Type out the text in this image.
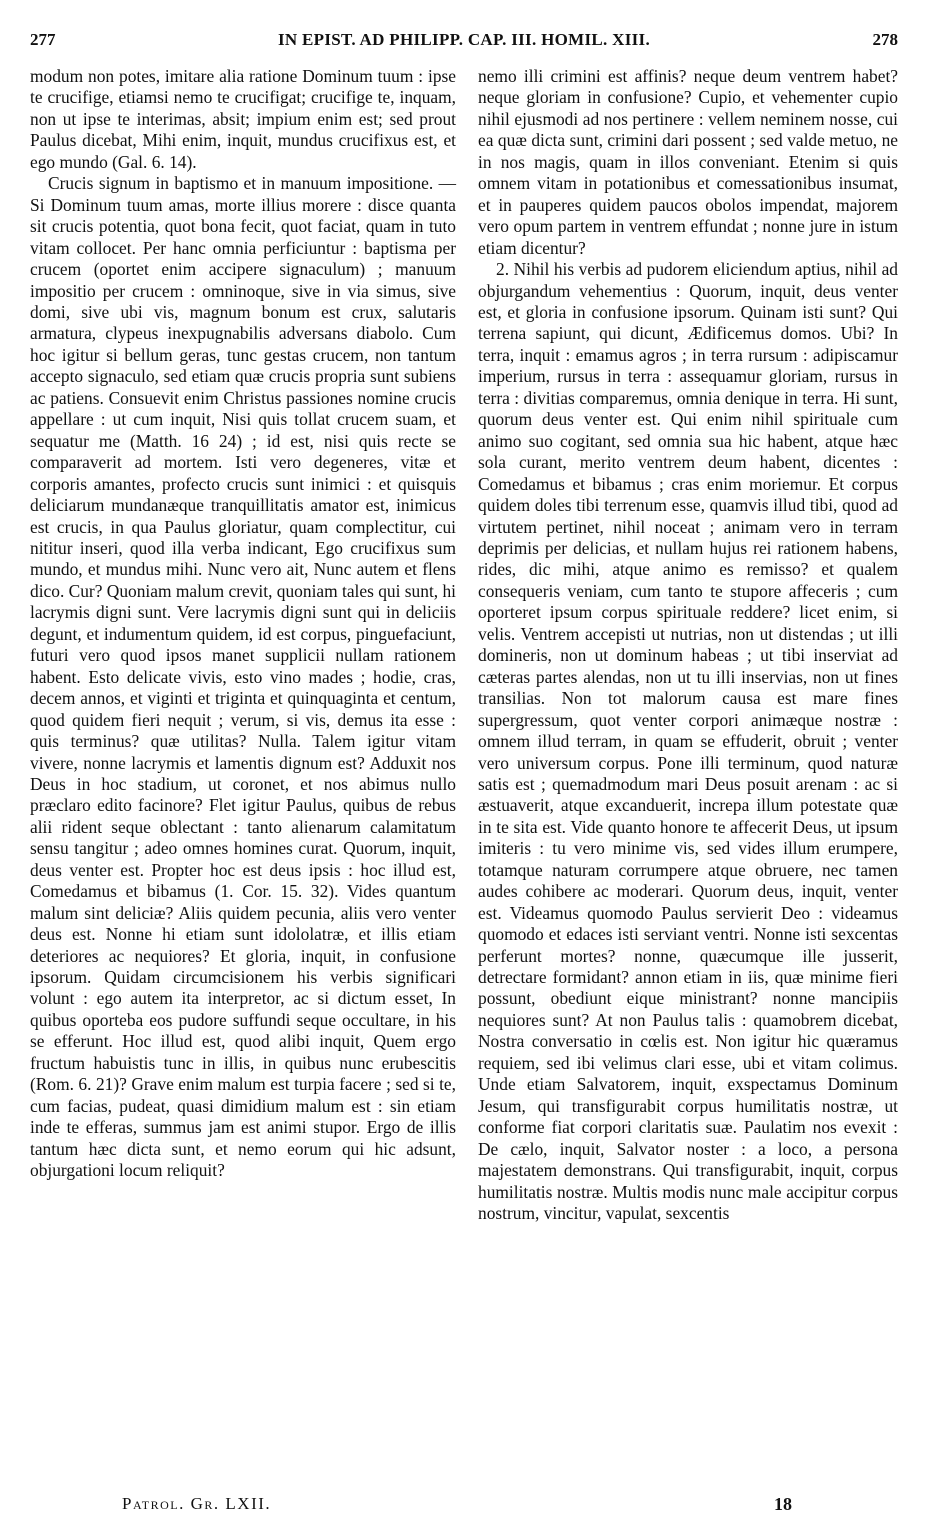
277	IN EPIST. AD PHILIPP. CAP. III. HOMIL. XIII.	278

modum non potes, imitare alia ratione Dominum tuum : ipse te crucifige, etiamsi nemo te crucifigat; crucifige te, inquam, non ut ipse te interimas, absit; impium enim est; sed prout Paulus dicebat, Mihi enim, inquit, mundus crucifixus est, et ego mundo (Gal. 6. 14).

Crucis signum in baptismo et in manuum impositione. — Si Dominum tuum amas, morte illius morere : disce quanta sit crucis potentia, quot bona fecit, quot faciat, quam in tuto vitam collocet. Per hanc omnia perficiuntur : baptisma per crucem (oportet enim accipere signaculum) ; manuum impositio per crucem : omninoque, sive in via simus, sive domi, sive ubi vis, magnum bonum est crux, salutaris armatura, clypeus inexpugnabilis adversans diabolo. Cum hoc igitur si bellum geras, tunc gestas crucem, non tantum accepto signaculo, sed etiam quæ crucis propria sunt subiens ac patiens. Consuevit enim Christus passiones nomine crucis appellare : ut cum inquit, Nisi quis tollat crucem suam, et sequatur me (Matth. 16 24) ; id est, nisi quis recte se comparaverit ad mortem. Isti vero degeneres, vitæ et corporis amantes, profecto crucis sunt inimici : et quisquis deliciarum mundanæque tranquillitatis amator est, inimicus est crucis, in qua Paulus gloriatur, quam complectitur, cui nititur inseri, quod illa verba indicant, Ego crucifixus sum mundo, et mundus mihi. Nunc vero ait, Nunc autem et flens dico. Cur? Quoniam malum crevit, quoniam tales qui sunt, hi lacrymis digni sunt. Vere lacrymis digni sunt qui in deliciis degunt, et indumentum quidem, id est corpus, pinguefaciunt, futuri vero quod ipsos manet supplicii nullam rationem habent. Esto delicate vivis, esto vino mades ; hodie, cras, decem annos, et viginti et triginta et quinquaginta et centum, quod quidem fieri nequit ; verum, si vis, demus ita esse : quis terminus? quæ utilitas? Nulla. Talem igitur vitam vivere, nonne lacrymis et lamentis dignum est? Adduxit nos Deus in hoc stadium, ut coronet, et nos abimus nullo præclaro edito facinore? Flet igitur Paulus, quibus de rebus alii rident seque oblectant : tanto alienarum calamitatum sensu tangitur ; adeo omnes homines curat. Quorum, inquit, deus venter est. Propter hoc est deus ipsis : hoc illud est, Comedamus et bibamus (1. Cor. 15. 32). Vides quantum malum sint deliciæ? Aliis quidem pecunia, aliis vero venter deus est. Nonne hi etiam sunt idololatræ, et illis etiam deteriores ac nequiores? Et gloria, inquit, in confusione ipsorum. Quidam circumcisionem his verbis significari volunt : ego autem ita interpretor, ac si dictum esset, In quibus oporteba eos pudore suffundi seque occultare, in his se efferunt. Hoc illud est, quod alibi inquit, Quem ergo fructum habuistis tunc in illis, in quibus nunc erubescitis (Rom. 6. 21)? Grave enim malum est turpia facere ; sed si te, cum facias, pudeat, quasi dimidium malum est : sin etiam inde te efferas, summus jam est animi stupor. Ergo de illis tantum hæc dicta sunt, et nemo eorum qui hic adsunt, objurgationi locum reliquit?

nemo illi crimini est affinis? neque deum ventrem habet? neque gloriam in confusione? Cupio, et vehementer cupio nihil ejusmodi ad nos pertinere : vellem neminem nosse, cui ea quæ dicta sunt, crimini dari possent ; sed valde metuo, ne in nos magis, quam in illos conveniant. Etenim si quis omnem vitam in potationibus et comessationibus insumat, et in pauperes quidem paucos obolos impendat, majorem vero opum partem in ventrem effundat ; nonne jure in istum etiam dicentur?

2. Nihil his verbis ad pudorem eliciendum aptius, nihil ad objurgandum vehementius : Quorum, inquit, deus venter est, et gloria in confusione ipsorum. Quinam isti sunt? Qui terrena sapiunt, qui dicunt, Ædificemus domos. Ubi? In terra, inquit : emamus agros ; in terra rursum : adipiscamur imperium, rursus in terra : assequamur gloriam, rursus in terra : divitias comparemus, omnia denique in terra. Hi sunt, quorum deus venter est. Qui enim nihil spirituale cum animo suo cogitant, sed omnia sua hic habent, atque hæc sola curant, merito ventrem deum habent, dicentes : Comedamus et bibamus ; cras enim moriemur. Et corpus quidem doles tibi terrenum esse, quamvis illud tibi, quod ad virtutem pertinet, nihil noceat ; animam vero in terram deprimis per delicias, et nullam hujus rei rationem habens, rides, dic mihi, atque animo es remisso? et qualem consequeris veniam, cum tanto te stupore affeceris ; cum oporteret ipsum corpus spirituale reddere? licet enim, si velis. Ventrem accepisti ut nutrias, non ut distendas ; ut illi domineris, non ut dominum habeas ; ut tibi inserviat ad cæteras partes alendas, non ut tu illi inservias, non ut fines transilias. Non tot malorum causa est mare fines supergressum, quot venter corpori animæque nostræ : omnem illud terram, in quam se effuderit, obruit ; venter vero universum corpus. Pone illi terminum, quod naturæ satis est ; quemadmodum mari Deus posuit arenam : ac si æstuaverit, atque excanduerit, increpa illum potestate quæ in te sita est. Vide quanto honore te affecerit Deus, ut ipsum imiteris : tu vero minime vis, sed vides illum erumpere, totamque naturam corrumpere atque obruere, nec tamen audes cohibere ac moderari. Quorum deus, inquit, venter est. Videamus quomodo Paulus servierit Deo : videamus quomodo et edaces isti serviant ventri. Nonne isti sexcentas perferunt mortes? nonne, quæcumque ille jusserit, detrectare formidant? annon etiam in iis, quæ minime fieri possunt, obediunt eique ministrant? nonne mancipiis nequiores sunt? At non Paulus talis : quamobrem dicebat, Nostra conversatio in cœlis est. Non igitur hic quæramus requiem, sed ibi velimus clari esse, ubi et vitam colimus. Unde etiam Salvatorem, inquit, exspectamus Dominum Jesum, qui transfigurabit corpus humilitatis nostræ, ut conforme fiat corpori claritatis suæ. Paulatim nos evexit : De cælo, inquit, Salvator noster : a loco, a persona majestatem demonstrans. Qui transfigurabit, inquit, corpus humilitatis nostræ. Multis modis nunc male accipitur corpus nostrum, vincitur, vapulat, sexcentis

Patrol. Gr. LXII.	18
